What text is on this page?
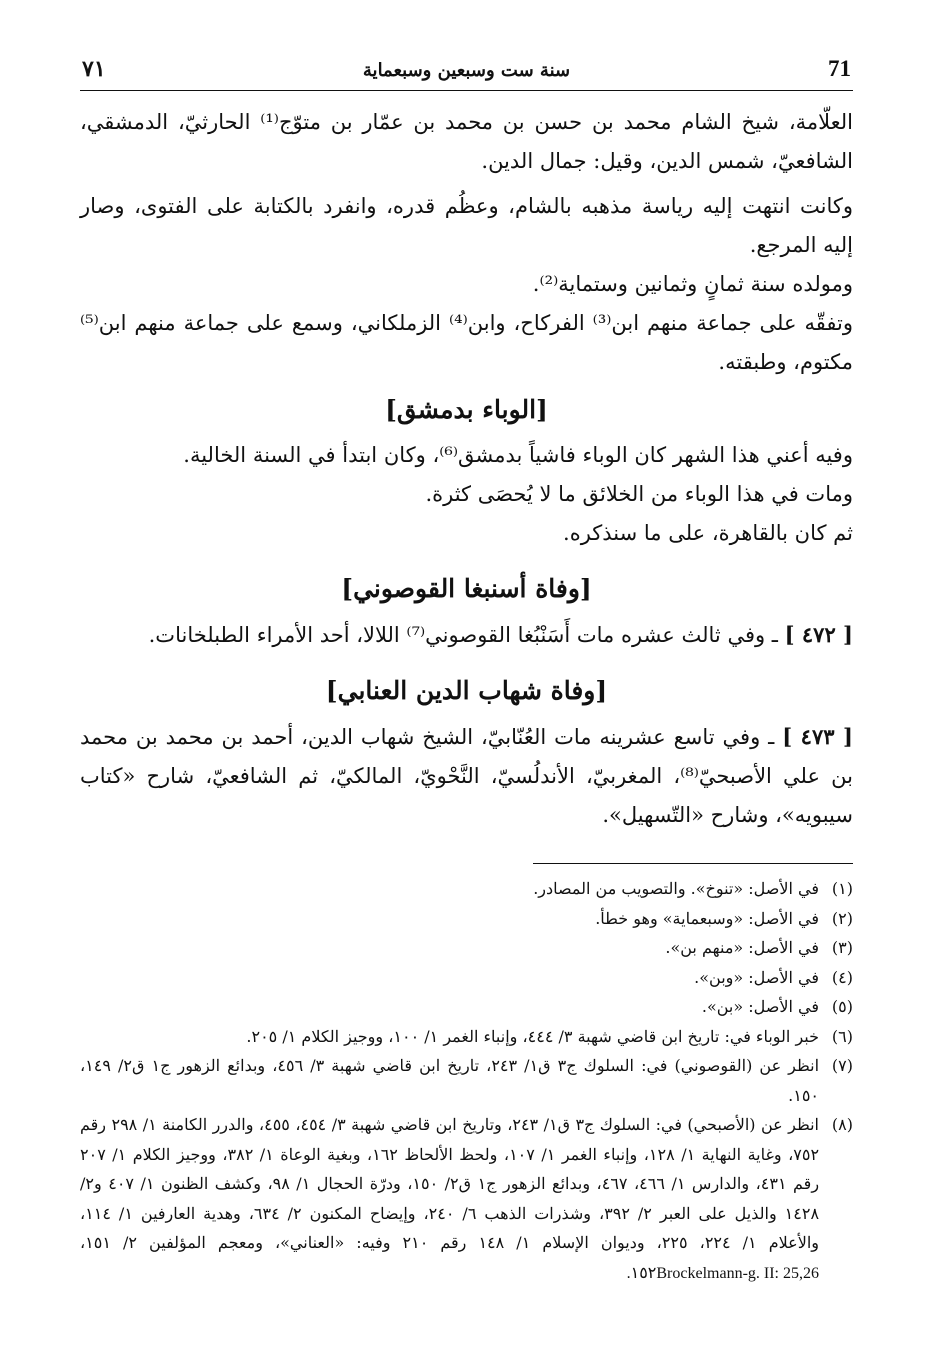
71
سنة ست وسبعين وسبعماية
٧١

العلّامة، شيخ الشام محمد بن حسن بن محمد بن عمّار بن متوّج⁽¹⁾ الحارثيّ، الدمشقي، الشافعيّ، شمس الدين، وقيل: جمال الدين.

وكانت انتهت إليه رياسة مذهبه بالشام، وعظُم قدره، وانفرد بالكتابة على الفتوى، وصار إليه المرجع.

ومولده سنة ثمانٍ وثمانين وستماية⁽²⁾.

وتفقّه على جماعة منهم ابن⁽³⁾ الفركاح، وابن⁽⁴⁾ الزملكاني، وسمع على جماعة منهم ابن⁽⁵⁾ مكتوم، وطبقته.

[الوباء بدمشق]

وفيه أعني هذا الشهر كان الوباء فاشياً بدمشق⁽⁶⁾، وكان ابتدأ في السنة الخالية.

ومات في هذا الوباء من الخلائق ما لا يُحصَى كثرة.

ثم كان بالقاهرة، على ما سنذكره.

[وفاة أسنبغا القوصوني]

[ ٤٧٢ ] ـ وفي ثالث عشره مات أَسَنْبُغا القوصوني⁽⁷⁾ اللالا، أحد الأمراء الطبلخانات.

[وفاة شهاب الدين العنابي]

[ ٤٧٣ ] ـ وفي تاسع عشرينه مات العُنّابيّ، الشيخ شهاب الدين، أحمد بن محمد بن محمد بن علي الأصبحيّ⁽⁸⁾، المغربيّ، الأندلُسيّ، النَّحْويّ، المالكيّ، ثم الشافعيّ، شارح «كتاب سيبويه»، وشارح «التّسهيل».

(١)
في الأصل: «تنوخ». والتصويب من المصادر.
(٢)
في الأصل: «وسبعماية» وهو خطأ.
(٣)
في الأصل: «منهم بن».
(٤)
في الأصل: «وبن».
(٥)
في الأصل: «بن».
(٦)
خبر الوباء في: تاريخ ابن قاضي شهبة ٣/ ٤٤٤، وإنباء الغمر ١/ ١٠٠، ووجيز الكلام ١/ ٢٠٥.
(٧)
انظر عن (القوصوني) في: السلوك ج٣ ق١/ ٢٤٣، تاريخ ابن قاضي شهبة ٣/ ٤٥٦، وبدائع الزهور ج١ ق٢/ ١٤٩، ١٥٠.
(٨)
انظر عن (الأصبحي) في: السلوك ج٣ ق١/ ٢٤٣، وتاريخ ابن قاضي شهبة ٣/ ٤٥٤، ٤٥٥، والدرر الكامنة ١/ ٢٩٨ رقم ٧٥٢، وغاية النهاية ١/ ١٢٨، وإنباء الغمر ١/ ١٠٧، ولحظ الألحاظ ١٦٢، وبغية الوعاة ١/ ٣٨٢، ووجيز الكلام ١/ ٢٠٧ رقم ٤٣١، والدارس ١/ ٤٦٦، ٤٦٧، وبدائع الزهور ج١ ق٢/ ١٥٠، ودرّة الحجال ١/ ٩٨، وكشف الظنون ١/ ٤٠٧ و٢/ ١٤٢٨ والذيل على العبر ٢/ ٣٩٢، وشذرات الذهب ٦/ ٢٤٠، وإيضاح المكنون ٢/ ٦٣٤، وهدية العارفين ١/ ١١٤، والأعلام ١/ ٢٢٤، ٢٢٥، وديوان الإسلام ١/ ١٤٨ رقم ٢١٠ وفيه: «العناني»، ومعجم المؤلفين ٢/ ١٥١، ١٥٢Brockelmann-g. II: 25,26.
